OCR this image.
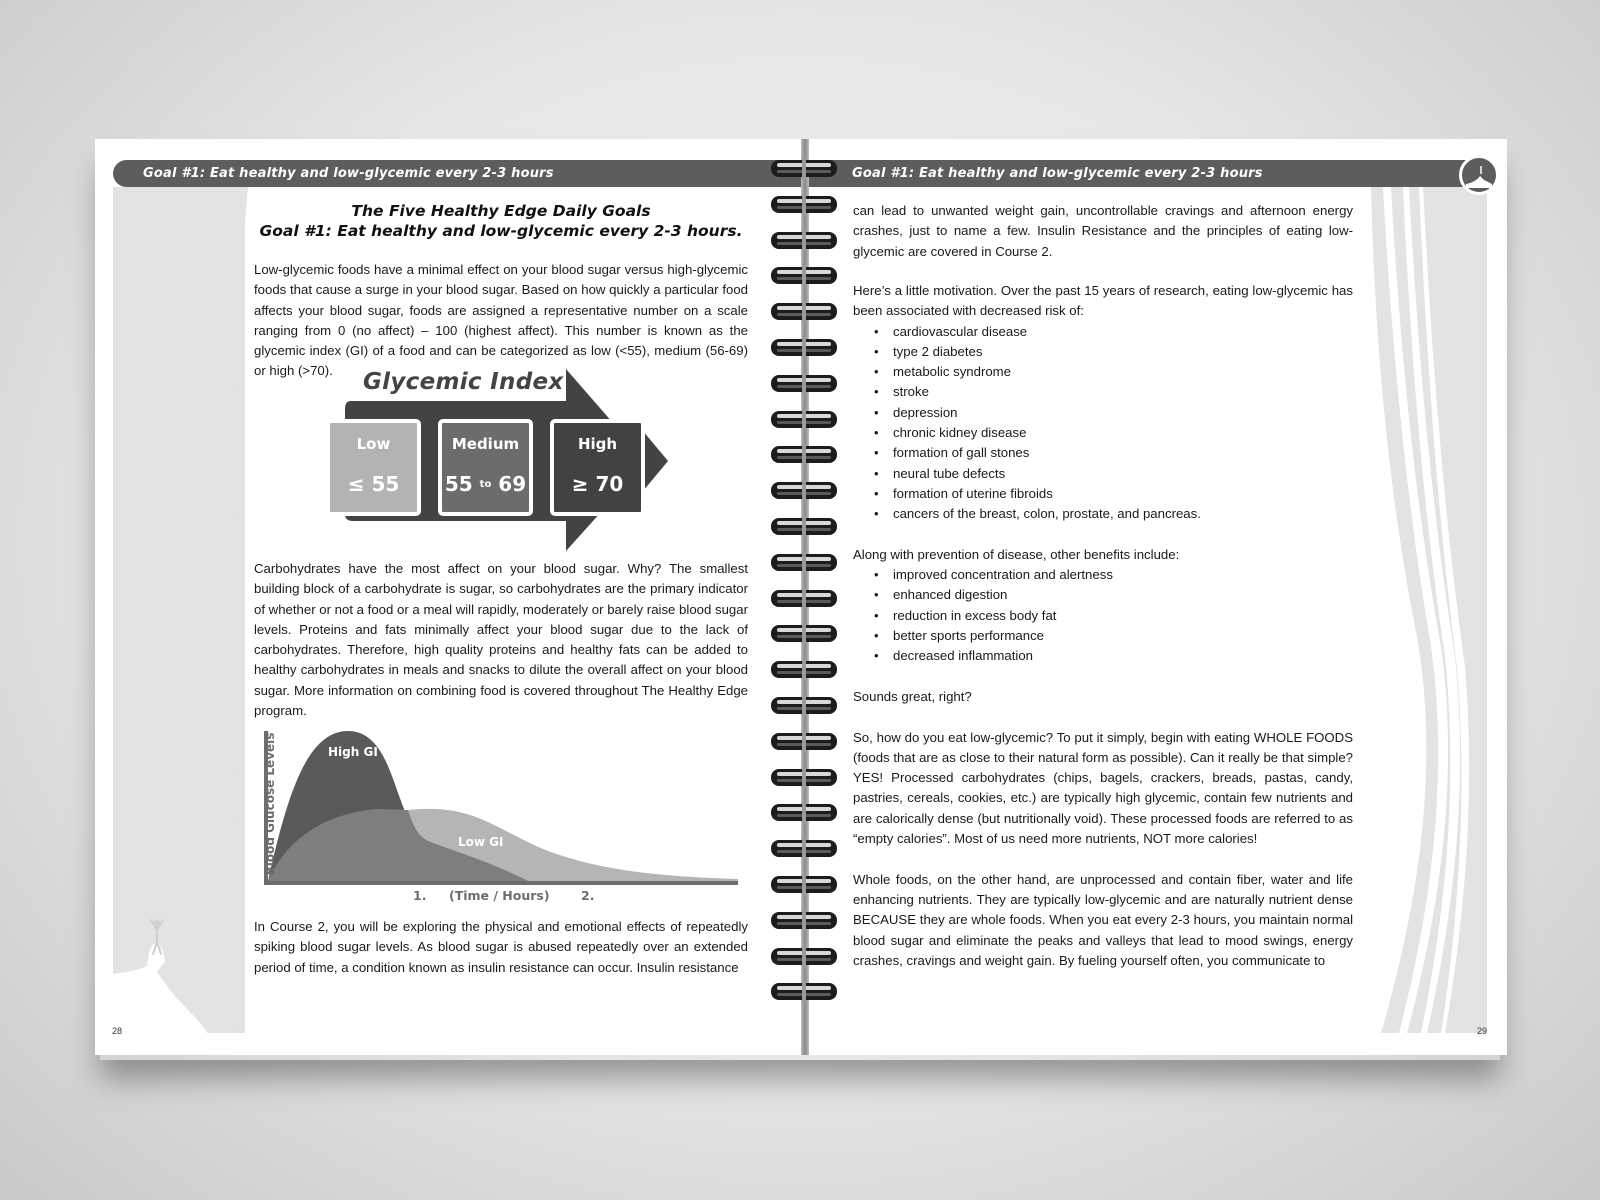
Goal #1: Eat healthy and low-glycemic every 2-3 hours
The Five Healthy Edge Daily Goals
Goal #1: Eat healthy and low-glycemic every 2-3 hours.

Low-glycemic foods have a minimal effect on your blood sugar versus high-glycemic foods that cause a surge in your blood sugar. Based on how quickly a particular food affects your blood sugar, foods are assigned a representative number on a scale ranging from 0 (no affect) – 100 (highest affect). This number is known as the glycemic index (GI) of a food and can be categorized as low (<55), medium (56-69) or high (>70).	Glycemic Index
Low
≤ 55
Medium
55 $^{to}$ 69
High
≥ 70

Carbohydrates have the most affect on your blood sugar. Why? The smallest building block of a carbohydrate is sugar, so carbohydrates are the primary indicator of whether or not a food or a meal will rapidly, moderately or barely raise blood sugar levels. Proteins and fats minimally affect your blood sugar due to the lack of carbohydrates. Therefore, high quality proteins and healthy fats can be added to healthy carbohydrates in meals and snacks to dilute the overall affect on your blood sugar. More information on combining food is covered throughout The Healthy Edge program.

Blood Glucose Levels	High GI
Low GI
1. (Time / Hours)	2.

In Course 2, you will be exploring the physical and emotional effects of repeatedly spiking blood sugar levels. As blood sugar is abused repeatedly over an extended period of time, a condition known as insulin resistance can occur. Insulin resistance

28
Goal #1: Eat healthy and low-glycemic every 2-3 hours

can lead to unwanted weight gain, uncontrollable cravings and afternoon energy crashes, just to name a few. Insulin Resistance and the principles of eating low-glycemic are covered in Course 2.

Here’s a little motivation. Over the past 15 years of research, eating low-glycemic has been associated with decreased risk of:

• cardiovascular disease
• type 2 diabetes
• metabolic syndrome
• stroke
• depression
• chronic kidney disease
• formation of gall stones
• neural tube defects
• formation of uterine fibroids
• cancers of the breast, colon, prostate, and pancreas.

Along with prevention of disease, other benefits include:

• improved concentration and alertness
• enhanced digestion
• reduction in excess body fat
• better sports performance
• decreased inflammation

Sounds great, right?

So, how do you eat low-glycemic? To put it simply, begin with eating WHOLE FOODS (foods that are as close to their natural form as possible). Can it really be that simple? YES! Processed carbohydrates (chips, bagels, crackers, breads, pastas, candy, pastries, cereals, cookies, etc.) are typically high glycemic, contain few nutrients and are calorically dense (but nutritionally void). These processed foods are referred to as “empty calories”. Most of us need more nutrients, NOT more calories!

Whole foods, on the other hand, are unprocessed and contain fiber, water and life enhancing nutrients. They are typically low-glycemic and are naturally nutrient dense BECAUSE they are whole foods. When you eat every 2-3 hours, you maintain normal blood sugar and eliminate the peaks and valleys that lead to mood swings, energy crashes, cravings and weight gain. By fueling yourself often, you communicate to

29
